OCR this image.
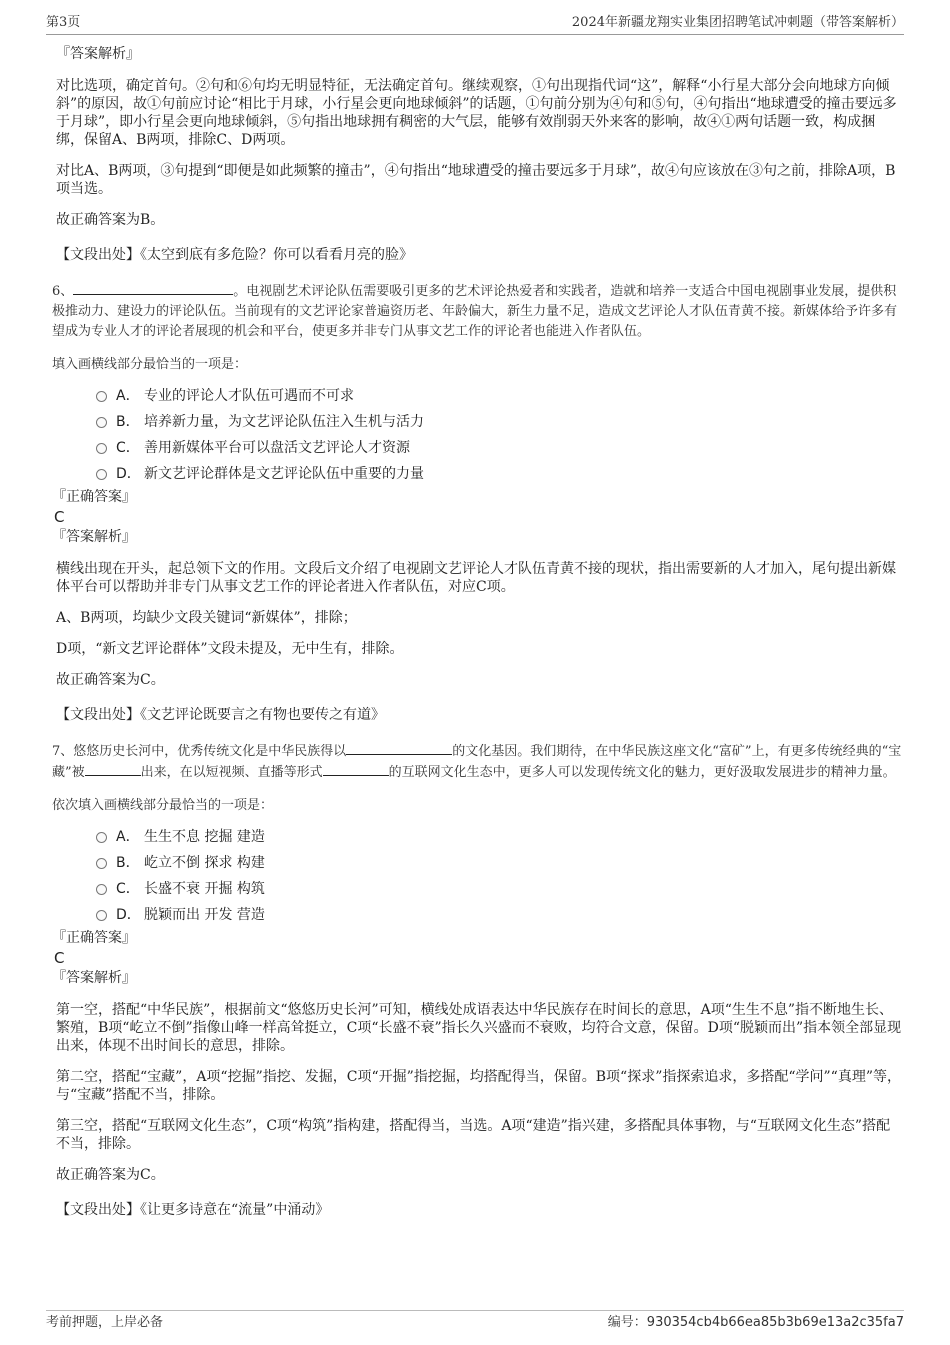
第3页	2024年新疆龙翔实业集团招聘笔试冲刺题（带答案解析）

『答案解析』

对比选项，确定首句。②句和⑥句均无明显特征，无法确定首句。继续观察，①句出现指代词“这”，解释“小行星大部分会向地球方向倾斜”的原因，故①句前应讨论“相比于月球，小行星会更向地球倾斜”的话题，①句前分别为④句和⑤句，④句指出“地球遭受的撞击要远多于月球”，即小行星会更向地球倾斜，⑤句指出地球拥有稠密的大气层，能够有效削弱天外来客的影响，故④①两句话题一致，构成捆绑，保留A、B两项，排除C、D两项。

对比A、B两项，③句提到“即便是如此频繁的撞击”，④句指出“地球遭受的撞击要远多于月球”，故④句应该放在③句之前，排除A项，B项当选。

故正确答案为B。

【文段出处】《太空到底有多危险？你可以看看月亮的脸》

6、	。电视剧艺术评论队伍需要吸引更多的艺术评论热爱者和实践者，造就和培养一支适合中国电视剧事业发展，提供积极推动力、建设力的评论队伍。当前现有的文艺评论家普遍资历老、年龄偏大，新生力量不足，造成文艺评论人才队伍青黄不接。新媒体给予许多有望成为专业人才的评论者展现的机会和平台，使更多并非专门从事文艺工作的评论者也能进入作者队伍。

填入画横线部分最恰当的一项是：

A． 专业的评论人才队伍可遇而不可求
B． 培养新力量，为文艺评论队伍注入生机与活力
C． 善用新媒体平台可以盘活文艺评论人才资源
D． 新文艺评论群体是文艺评论队伍中重要的力量

『正确答案』

C

『答案解析』

横线出现在开头，起总领下文的作用。文段后文介绍了电视剧文艺评论人才队伍青黄不接的现状，指出需要新的人才加入，尾句提出新媒体平台可以帮助并非专门从事文艺工作的评论者进入作者队伍，对应C项。

A、B两项，均缺少文段关键词“新媒体”，排除；

D项，“新文艺评论群体”文段未提及，无中生有，排除。

故正确答案为C。

【文段出处】《文艺评论既要言之有物也要传之有道》

7、悠悠历史长河中，优秀传统文化是中华民族得以	的文化基因。我们期待，在中华民族这座文化“富矿”上，有更多传统经典的“宝藏”被	出来，在以短视频、直播等形式	的互联网文化生态中，更多人可以发现传统文化的魅力，更好汲取发展进步的精神力量。

依次填入画横线部分最恰当的一项是：

A． 生生不息 挖掘 建造
B． 屹立不倒 探求 构建
C． 长盛不衰 开掘 构筑
D． 脱颖而出 开发 营造

『正确答案』

C

『答案解析』

第一空，搭配“中华民族”，根据前文“悠悠历史长河”可知，横线处成语表达中华民族存在时间长的意思，A项“生生不息”指不断地生长、繁殖，B项“屹立不倒”指像山峰一样高耸挺立，C项“长盛不衰”指长久兴盛而不衰败，均符合文意，保留。D项“脱颖而出”指本领全部显现出来，体现不出时间长的意思，排除。

第二空，搭配“宝藏”，A项“挖掘”指挖、发掘，C项“开掘”指挖掘，均搭配得当，保留。B项“探求”指探索追求，多搭配“学问”“真理”等，与“宝藏”搭配不当，排除。

第三空，搭配“互联网文化生态”，C项“构筑”指构建，搭配得当，当选。A项“建造”指兴建，多搭配具体事物，与“互联网文化生态”搭配不当，排除。

故正确答案为C。

【文段出处】《让更多诗意在“流量”中涌动》

考前押题，上岸必备	编号：930354cb4b66ea85b3b69e13a2c35fa7
